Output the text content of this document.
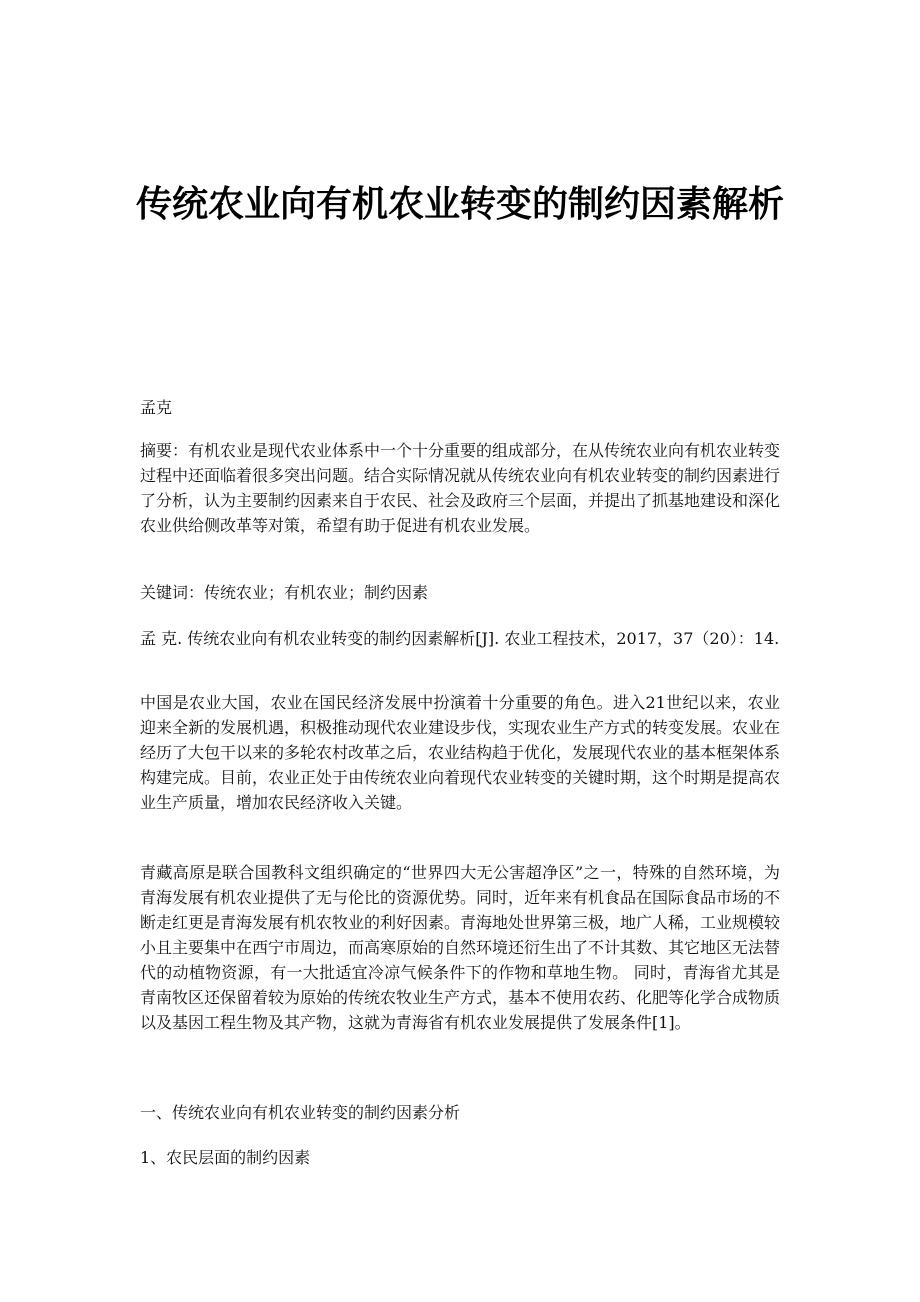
传统农业向有机农业转变的制约因素解析
孟克
摘要：有机农业是现代农业体系中一个十分重要的组成部分，在从传统农业向有机农业转变过程中还面临着很多突出问题。结合实际情况就从传统农业向有机农业转变的制约因素进行了分析，认为主要制约因素来自于农民、社会及政府三个层面，并提出了抓基地建设和深化农业供给侧改革等对策，希望有助于促进有机农业发展。
关键词：传统农业；有机农业；制约因素
孟 克. 传统农业向有机农业转变的制约因素解析[J]. 农业工程技术，2017，37（20）：14.
中国是农业大国，农业在国民经济发展中扮演着十分重要的角色。进入21世纪以来，农业迎来全新的发展机遇，积极推动现代农业建设步伐，实现农业生产方式的转变发展。农业在经历了大包干以来的多轮农村改革之后，农业结构趋于优化，发展现代农业的基本框架体系构建完成。目前，农业正处于由传统农业向着现代农业转变的关键时期，这个时期是提高农业生产质量，增加农民经济收入关键。
青藏高原是联合国教科文组织确定的“世界四大无公害超净区”之一，特殊的自然环境，为青海发展有机农业提供了无与伦比的资源优势。同时，近年来有机食品在国际食品市场的不断走红更是青海发展有机农牧业的利好因素。青海地处世界第三极，地广人稀，工业规模较小且主要集中在西宁市周边，而高寒原始的自然环境还衍生出了不计其数、其它地区无法替代的动植物资源，有一大批适宜冷凉气候条件下的作物和草地生物。 同时，青海省尤其是青南牧区还保留着较为原始的传统农牧业生产方式，基本不使用农药、化肥等化学合成物质以及基因工程生物及其产物，这就为青海省有机农业发展提供了发展条件[1]。
一、传统农业向有机农业转变的制约因素分析
1、农民层面的制约因素
